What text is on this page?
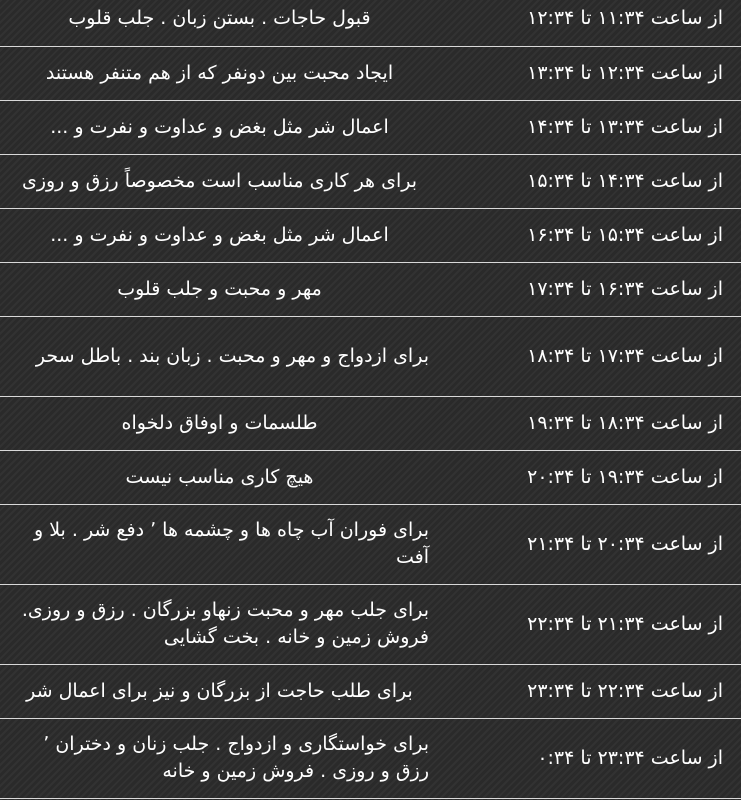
از ساعت ۱۱:۳۴ تا ۱۲:۳۴	قبول حاجات . بستن زبان . جلب قلوب
از ساعت ۱۲:۳۴ تا ۱۳:۳۴	ایجاد محبت بین دونفر که از هم متنفر هستند
از ساعت ۱۳:۳۴ تا ۱۴:۳۴	اعمال شر مثل بغض و عداوت و نفرت و ...
از ساعت ۱۴:۳۴ تا ۱۵:۳۴	برای هر کاری مناسب است مخصوصاً رزق و روزی
از ساعت ۱۵:۳۴ تا ۱۶:۳۴	اعمال شر مثل بغض و عداوت و نفرت و ...
از ساعت ۱۶:۳۴ تا ۱۷:۳۴	مهر و محبت و جلب قلوب
از ساعت ۱۷:۳۴ تا ۱۸:۳۴	برای ازدواج و مهر و محبت . زبان بند . باطل سحر
از ساعت ۱۸:۳۴ تا ۱۹:۳۴	طلسمات و اوفاق دلخواه
از ساعت ۱۹:۳۴ تا ۲۰:۳۴	هیچ کاری مناسب نیست
از ساعت ۲۰:۳۴ تا ۲۱:۳۴	برای فوران آب چاه ها و چشمه ها ٬ دفع شر . بلا و آفت
از ساعت ۲۱:۳۴ تا ۲۲:۳۴	برای جلب مهر و محبت زنهاو بزرگان . رزق و روزی. فروش زمین و خانه . بخت گشایی
از ساعت ۲۲:۳۴ تا ۲۳:۳۴	برای طلب حاجت از بزرگان و نیز برای اعمال شر
از ساعت ۲۳:۳۴ تا ۰:۳۴	برای خواستگاری و ازدواج . جلب زنان و دختران ٬ رزق و روزی . فروش زمین و خانه
